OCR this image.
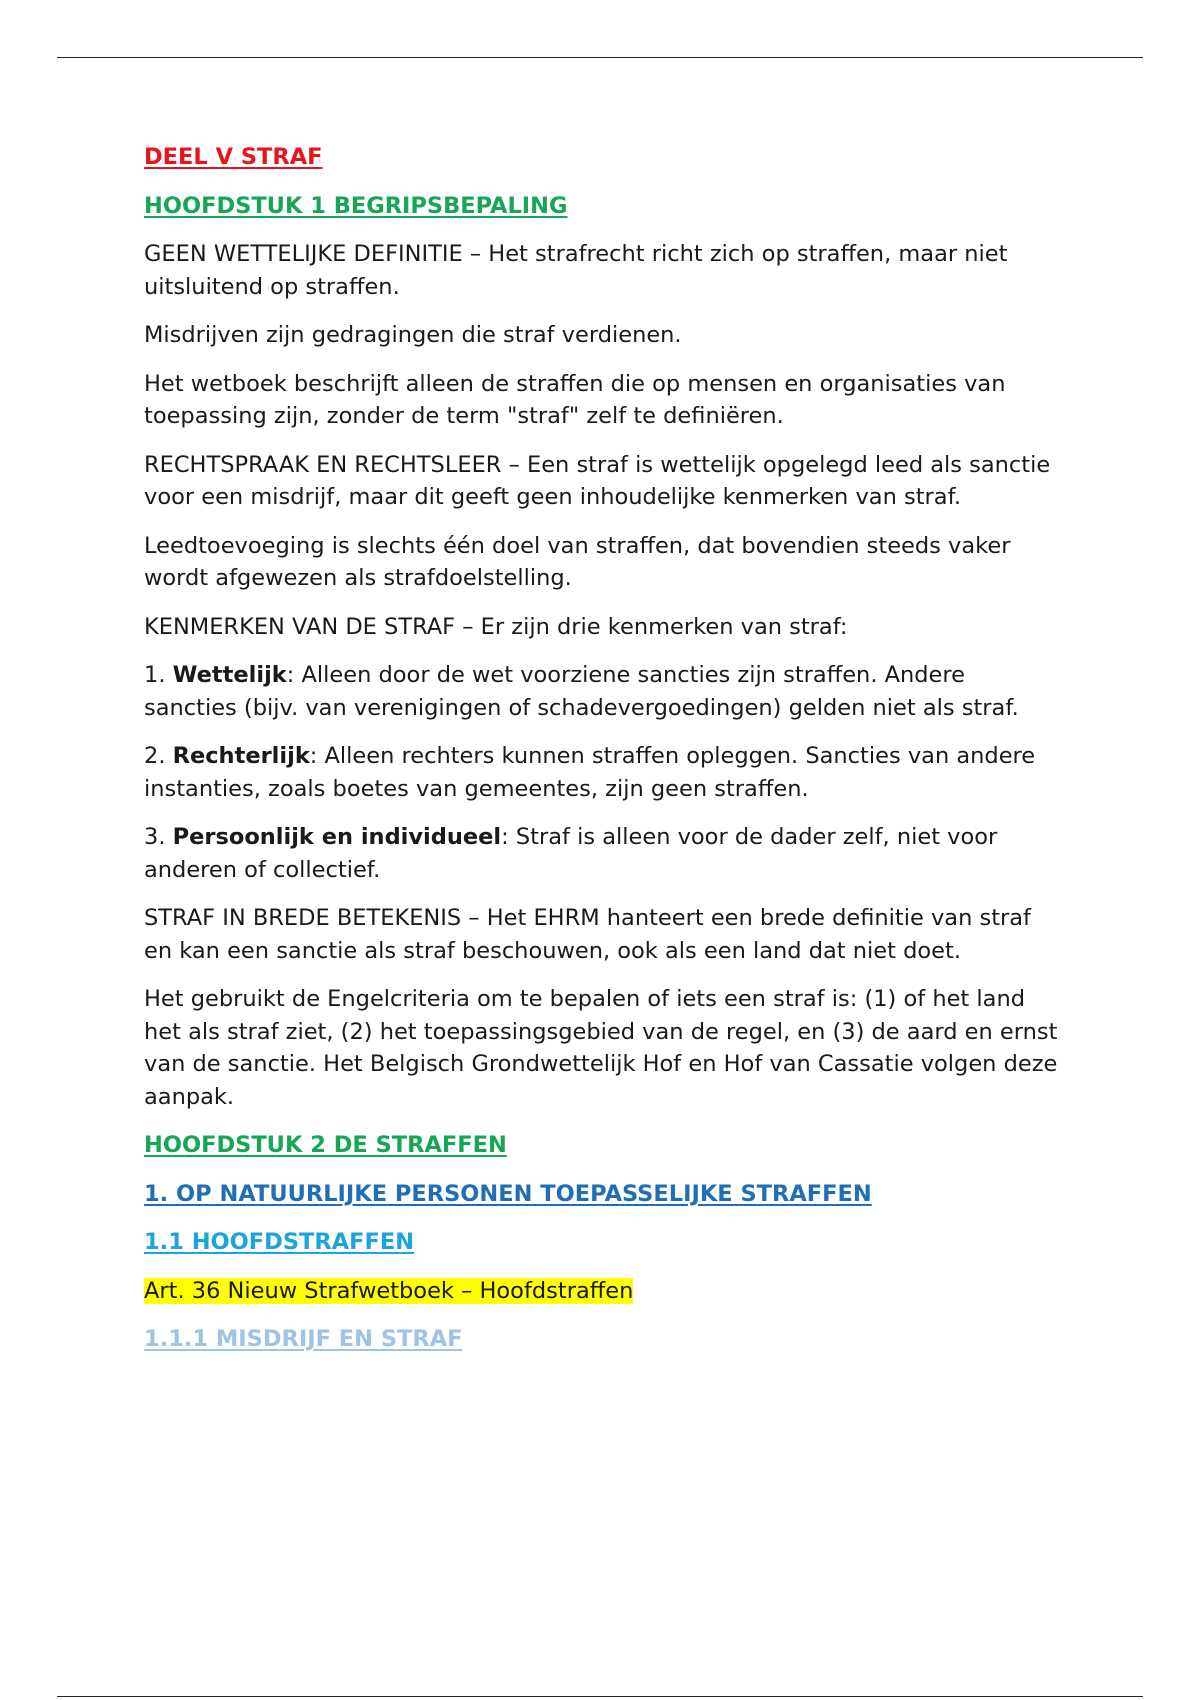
DEEL V STRAF
HOOFDSTUK 1 BEGRIPSBEPALING

GEEN WETTELIJKE DEFINITIE – Het strafrecht richt zich op straffen, maar niet uitsluitend op straffen.

Misdrijven zijn gedragingen die straf verdienen.

Het wetboek beschrijft alleen de straffen die op mensen en organisaties van toepassing zijn, zonder de term "straf" zelf te definiëren.

RECHTSPRAAK EN RECHTSLEER – Een straf is wettelijk opgelegd leed als sanctie voor een misdrijf, maar dit geeft geen inhoudelijke kenmerken van straf.

Leedtoevoeging is slechts één doel van straffen, dat bovendien steeds vaker wordt afgewezen als strafdoelstelling.

KENMERKEN VAN DE STRAF – Er zijn drie kenmerken van straf:

1. Wettelijk: Alleen door de wet voorziene sancties zijn straffen. Andere sancties (bijv. van verenigingen of schadevergoedingen) gelden niet als straf.

2. Rechterlijk: Alleen rechters kunnen straffen opleggen. Sancties van andere instanties, zoals boetes van gemeentes, zijn geen straffen.

3. Persoonlijk en individueel: Straf is alleen voor de dader zelf, niet voor anderen of collectief.

STRAF IN BREDE BETEKENIS – Het EHRM hanteert een brede definitie van straf en kan een sanctie als straf beschouwen, ook als een land dat niet doet.

Het gebruikt de Engelcriteria om te bepalen of iets een straf is: (1) of het land het als straf ziet, (2) het toepassingsgebied van de regel, en (3) de aard en ernst van de sanctie. Het Belgisch Grondwettelijk Hof en Hof van Cassatie volgen deze aanpak.

HOOFDSTUK 2 DE STRAFFEN
1. OP NATUURLIJKE PERSONEN TOEPASSELIJKE STRAFFEN
1.1 HOOFDSTRAFFEN

Art. 36 Nieuw Strafwetboek – Hoofdstraffen

1.1.1 MISDRIJF EN STRAF
